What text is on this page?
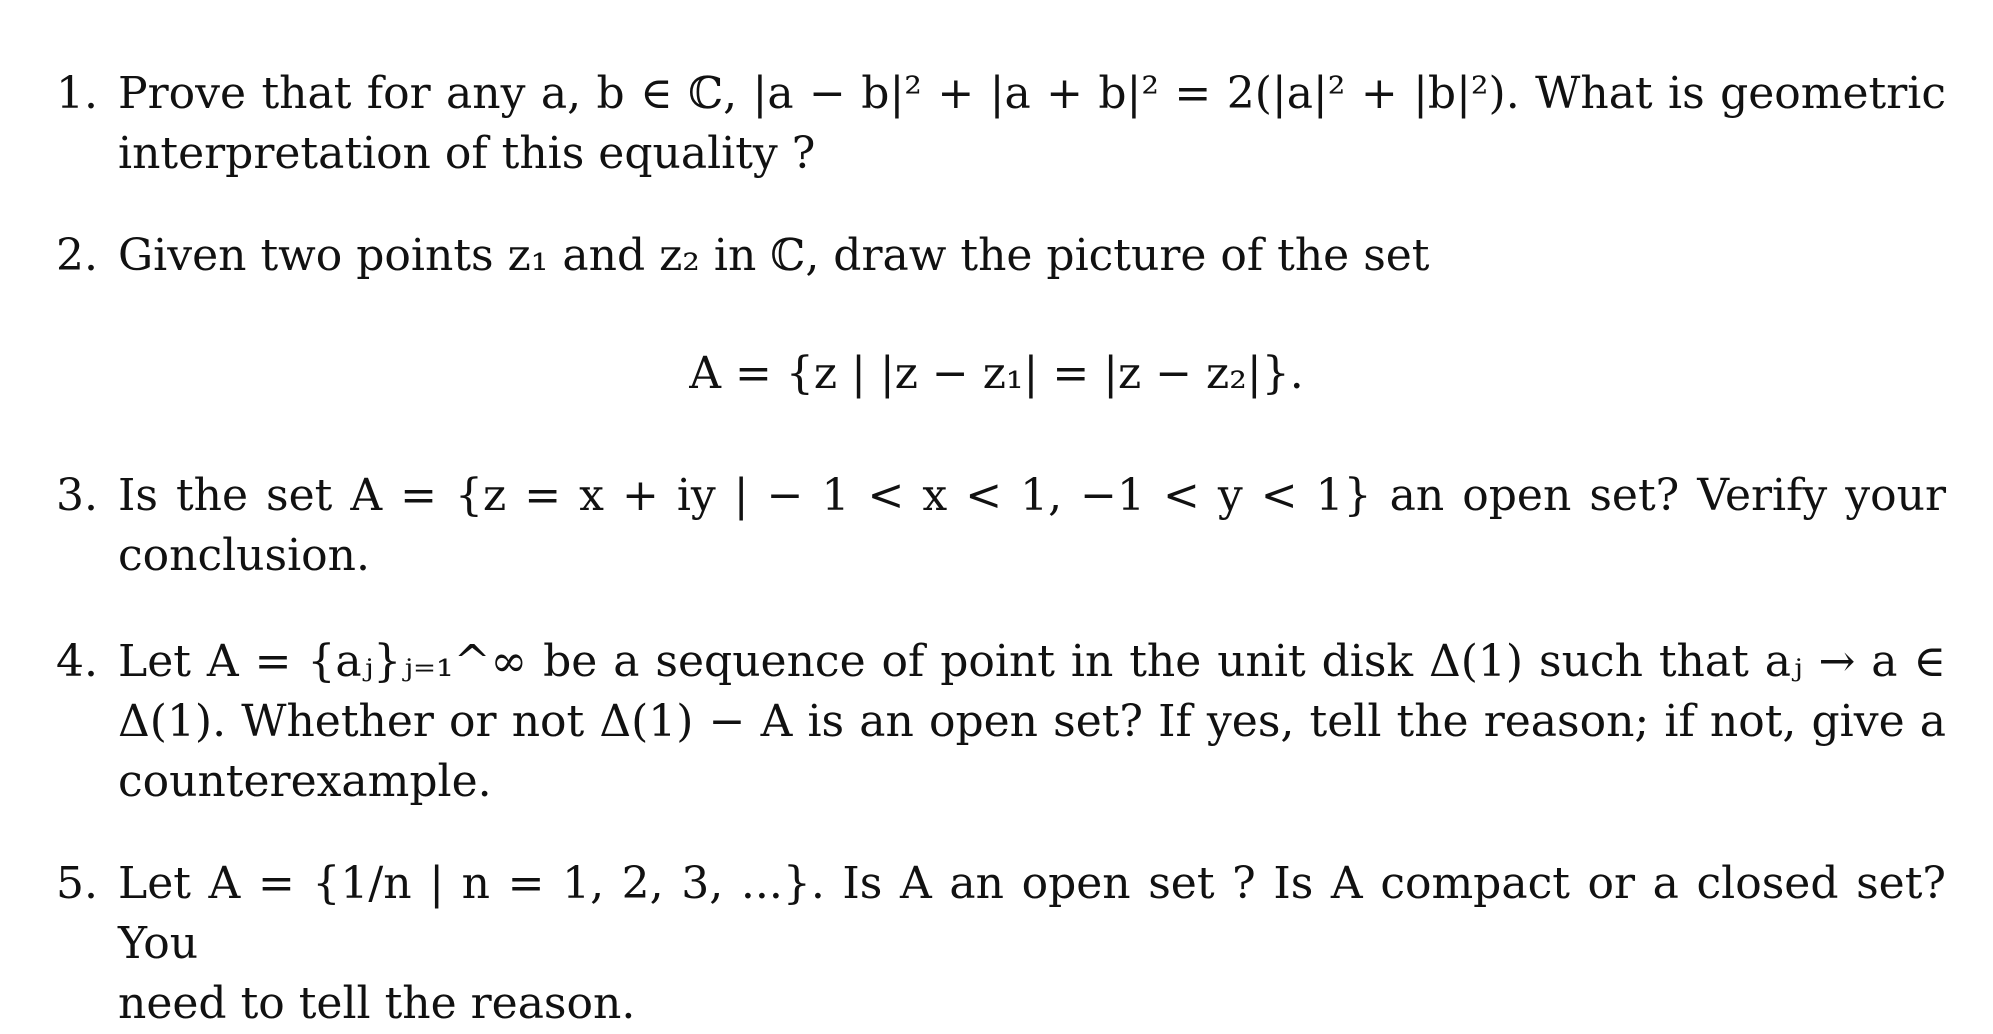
1. Prove that for any a, b ∈ ℂ, |a − b|² + |a + b|² = 2(|a|² + |b|²). What is geometric
interpretation of this equality ?
2. Given two points z₁ and z₂ in ℂ, draw the picture of the set
A = {z | |z − z₁| = |z − z₂|}.
3. Is the set A = {z = x + iy | − 1 < x < 1, −1 < y < 1} an open set? Verify your
conclusion.
4. Let A = {aⱼ}ⱼ₌₁^∞ be a sequence of point in the unit disk Δ(1) such that aⱼ → a ∈
Δ(1). Whether or not Δ(1) − A is an open set? If yes, tell the reason; if not, give a
counterexample.
5. Let A = {1/n | n = 1, 2, 3, ...}. Is A an open set ? Is A compact or a closed set? You
need to tell the reason.
